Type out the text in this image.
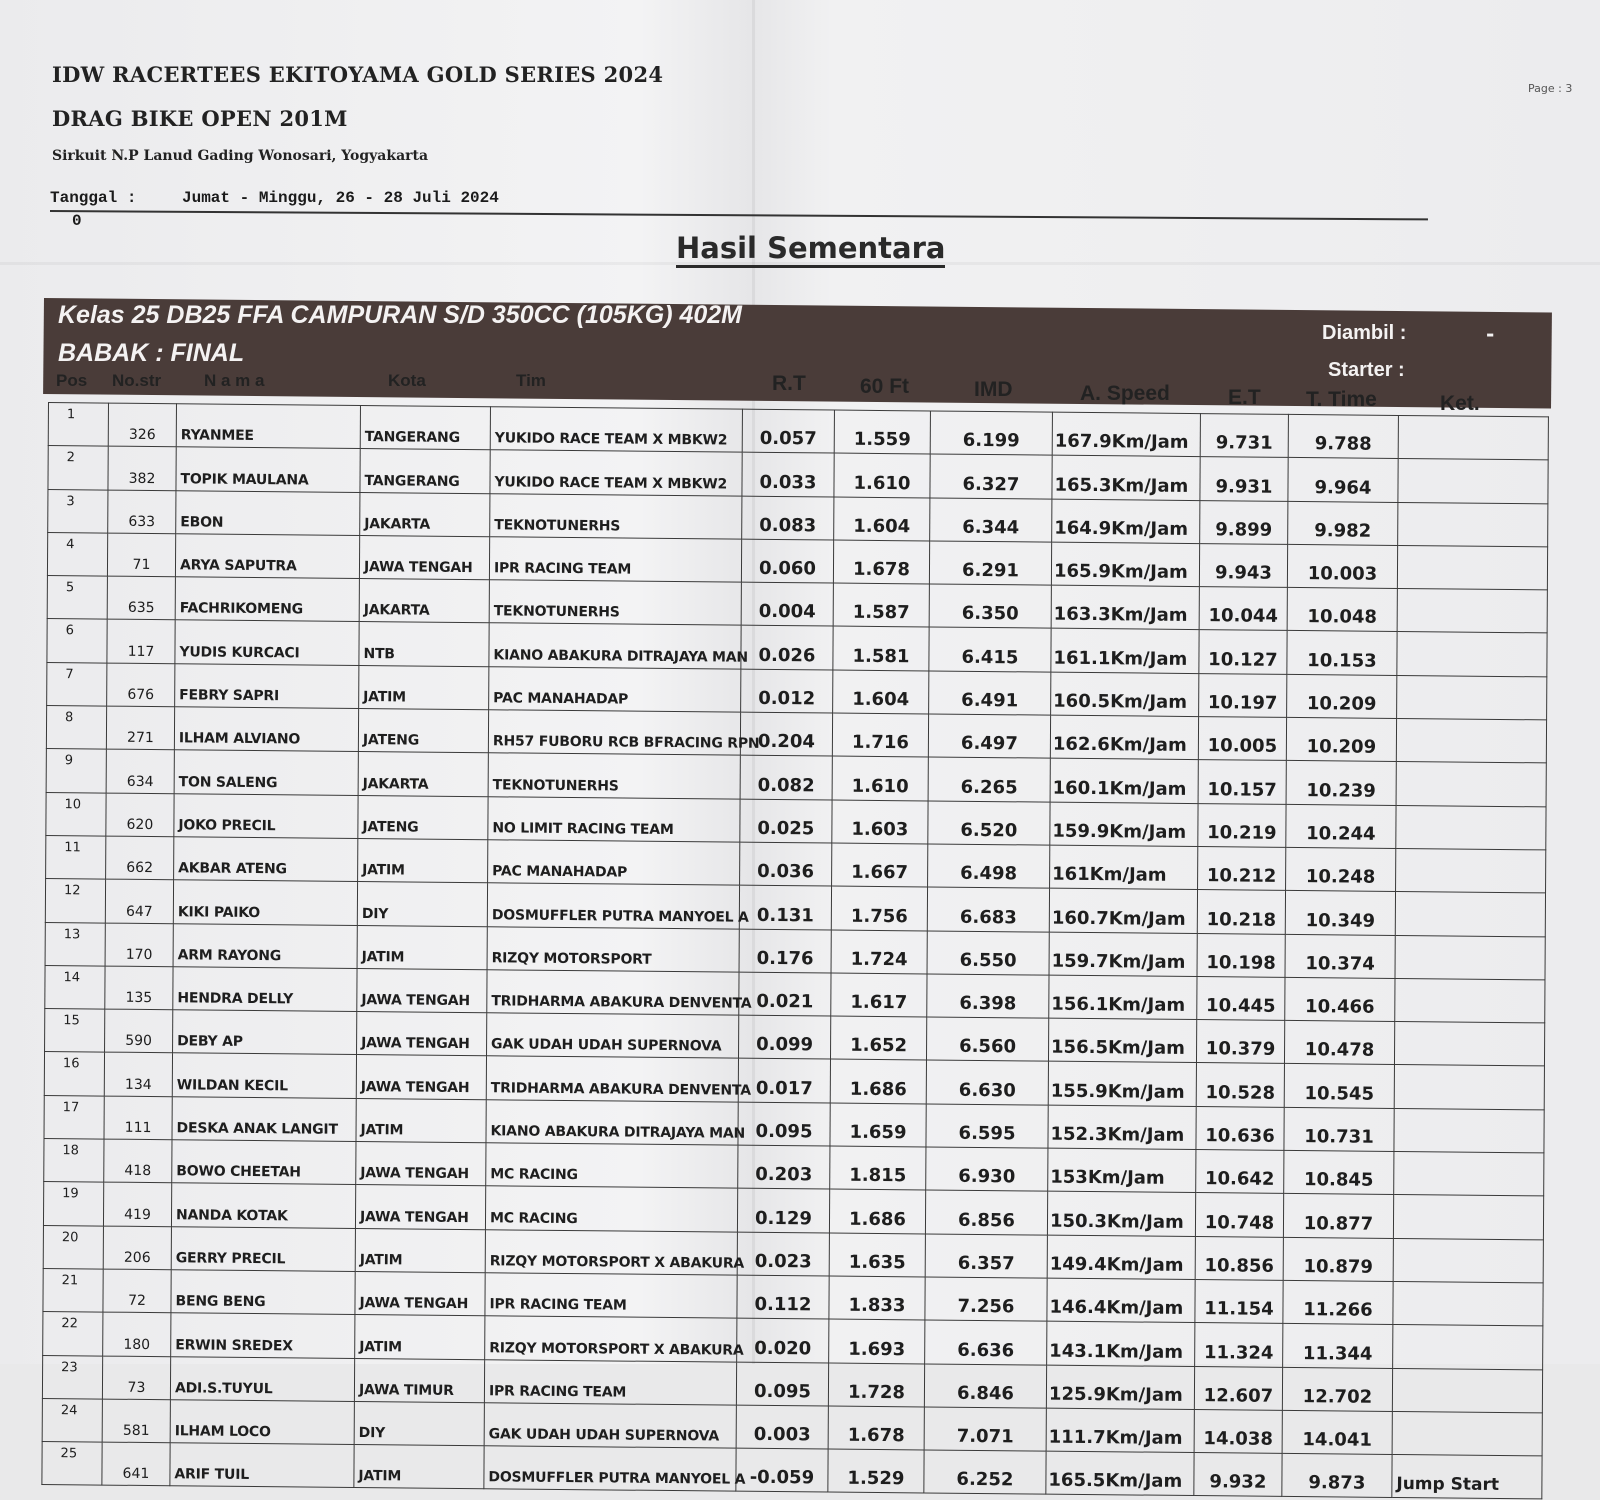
IDW RACERTEES EKITOYAMA GOLD SERIES 2024
DRAG BIKE OPEN 201M
Sirkuit N.P Lanud Gading Wonosari, Yogyakarta
Tanggal :	Jumat - Minggu, 26 - 28 Juli 2024
0
Page : 3
Hasil Sementara
Kelas 25 DB25 FFA CAMPURAN S/D 350CC (105KG) 402M
BABAK : FINAL
Diambil :	-
Starter :
Pos No.str	N a m a	Kota	Tim	R.T	60 Ft	IMD	A. Speed	E.T T. Time	Ket.
1	326	RYANMEE	TANGERANG	YUKIDO RACE TEAM X MBKW2	0.057	1.559	6.199	167.9Km/Jam	9.731	9.788	
2	382	TOPIK MAULANA	TANGERANG	YUKIDO RACE TEAM X MBKW2	0.033	1.610	6.327	165.3Km/Jam	9.931	9.964	
3	633	EBON	JAKARTA	TEKNOTUNERHS	0.083	1.604	6.344	164.9Km/Jam	9.899	9.982	
4	71	ARYA SAPUTRA	JAWA TENGAH	IPR RACING TEAM	0.060	1.678	6.291	165.9Km/Jam	9.943	10.003	
5	635	FACHRIKOMENG	JAKARTA	TEKNOTUNERHS	0.004	1.587	6.350	163.3Km/Jam	10.044	10.048	
6	117	YUDIS KURCACI	NTB	KIANO ABAKURA DITRAJAYA MAN	0.026	1.581	6.415	161.1Km/Jam	10.127	10.153	
7	676	FEBRY SAPRI	JATIM	PAC MANAHADAP	0.012	1.604	6.491	160.5Km/Jam	10.197	10.209	
8	271	ILHAM ALVIANO	JATENG	RH57 FUBORU RCB BFRACING RPN	0.204	1.716	6.497	162.6Km/Jam	10.005	10.209	
9	634	TON SALENG	JAKARTA	TEKNOTUNERHS	0.082	1.610	6.265	160.1Km/Jam	10.157	10.239	
10	620	JOKO PRECIL	JATENG	NO LIMIT RACING TEAM	0.025	1.603	6.520	159.9Km/Jam	10.219	10.244	
11	662	AKBAR ATENG	JATIM	PAC MANAHADAP	0.036	1.667	6.498	161Km/Jam	10.212	10.248	
12	647	KIKI PAIKO	DIY	DOSMUFFLER PUTRA MANYOEL A	0.131	1.756	6.683	160.7Km/Jam	10.218	10.349	
13	170	ARM RAYONG	JATIM	RIZQY MOTORSPORT	0.176	1.724	6.550	159.7Km/Jam	10.198	10.374	
14	135	HENDRA DELLY	JAWA TENGAH	TRIDHARMA ABAKURA DENVENTA	0.021	1.617	6.398	156.1Km/Jam	10.445	10.466	
15	590	DEBY AP	JAWA TENGAH	GAK UDAH UDAH SUPERNOVA	0.099	1.652	6.560	156.5Km/Jam	10.379	10.478	
16	134	WILDAN KECIL	JAWA TENGAH	TRIDHARMA ABAKURA DENVENTA	0.017	1.686	6.630	155.9Km/Jam	10.528	10.545	
17	111	DESKA ANAK LANGIT	JATIM	KIANO ABAKURA DITRAJAYA MAN	0.095	1.659	6.595	152.3Km/Jam	10.636	10.731	
18	418	BOWO CHEETAH	JAWA TENGAH	MC RACING	0.203	1.815	6.930	153Km/Jam	10.642	10.845	
19	419	NANDA KOTAK	JAWA TENGAH	MC RACING	0.129	1.686	6.856	150.3Km/Jam	10.748	10.877	
20	206	GERRY PRECIL	JATIM	RIZQY MOTORSPORT X ABAKURA	0.023	1.635	6.357	149.4Km/Jam	10.856	10.879	
21	72	BENG BENG	JAWA TENGAH	IPR RACING TEAM	0.112	1.833	7.256	146.4Km/Jam	11.154	11.266	
22	180	ERWIN SREDEX	JATIM	RIZQY MOTORSPORT X ABAKURA	0.020	1.693	6.636	143.1Km/Jam	11.324	11.344	
23	73	ADI.S.TUYUL	JAWA TIMUR	IPR RACING TEAM	0.095	1.728	6.846	125.9Km/Jam	12.607	12.702	
24	581	ILHAM LOCO	DIY	GAK UDAH UDAH SUPERNOVA	0.003	1.678	7.071	111.7Km/Jam	14.038	14.041	
25	641	ARIF TUIL	JATIM	DOSMUFFLER PUTRA MANYOEL A	-0.059	1.529	6.252	165.5Km/Jam	9.932	9.873	Jump Start
